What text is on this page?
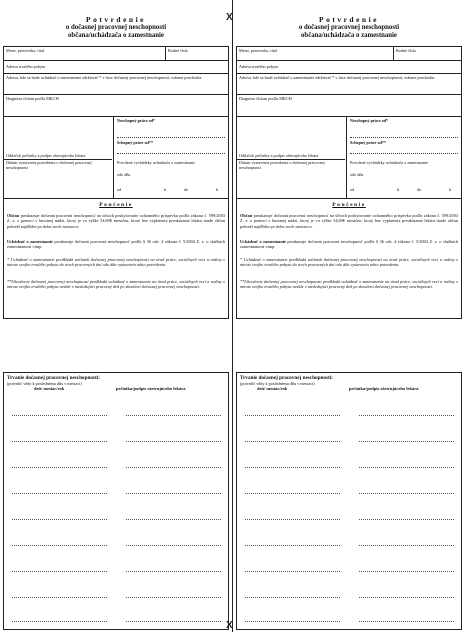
X
X
Potvrdenie
o dočasnej pracovnej neschopnosti
občana/uchádzača o zamestnanie
Meno, priezvisko, titul	Rodné číslo
Adresa trvalého pobytu
Adresa, kde sa bude uchádzač o zamestnanie zdržiavať * v čase dočasnej pracovnej neschopnosti, vrátane poschodia
Diagnóza číslom podľa MKCH
Neschopný práce od*
Schopný práce od**
Odtlačok pečiatky a podpis ošetrujúceho lekára
Dátum vystavenia potvrdenia o dočasnej pracovnej neschopnosti
Povolené vychádzky uchádzača o zamestnanie
odo dňa
od	h	do	h
Poučenie
Občan preukazuje dočasnú pracovnú neschopnosť na účtoch poskytovanie ochranného príspevku podľa zákona č. 599/2003 Z. z. o pomoci v hmotnej núdzi, ktorý je vo výške 34,69€ mesačne, ktorý bez vyplatenia preukázanie lekára úrade občan pobreží najdlhšie po dobu troch mesiacov.
Uchádzač o zamestnanie preukazuje dočasnú pracovnú neschopnosť podľa § 36 ods. 4 zákona č. 5/2004 Z. z. o službách zamestnanosti vtmp.
* Uchádzač o zamestnanie predkladá začiatok dočasnej pracovnej neschopnosti na úrad práce, sociálnych vecí a rodiny v mieste svojho trvalého pobytu do troch pracovných dní odo dňa vystavenia tohto potvrdenia.
**Ukončenie dočasnej pracovnej neschopnosti predkladá uchádzač o zamestnanie na úrad práce, sociálnych vecí a rodiny v mieste svojho trvalého pobytu neskôr v nasledujúci pracovný deň po skončení dočasnej pracovnej neschopnosti.
Trvanie dočasnej pracovnej neschopnosti:
(potvrdiť vždy k poslednému dňu v mesiaci)
deň/ mesiac/rok	pečiatka/podpis ošetrujúceho lekára
Potvrdenie
o dočasnej pracovnej neschopnosti
občana/uchádzača o zamestnanie
Meno, priezvisko, titul	Rodné číslo
Adresa trvalého pobytu
Adresa, kde sa bude uchádzač o zamestnanie zdržiavať * v čase dočasnej pracovnej neschopnosti, vrátane poschodia
Diagnóza číslom podľa MKCH
Neschopný práce od*
Schopný práce od**
Odtlačok pečiatky a podpis ošetrujúceho lekára
Dátum vystavenia potvrdenia o dočasnej pracovnej neschopnosti
Povolené vychádzky uchádzača o zamestnanie
odo dňa
od	h	do	h
Poučenie
Občan preukazuje dočasnú pracovnú neschopnosť na účtoch poskytovanie ochranného príspevku podľa zákona č. 599/2003 Z. z. o pomoci v hmotnej núdzi, ktorý je vo výške 34,69€ mesačne, ktorý bez vyplatenia preukázanie lekára úrade občan pobreží najdlhšie po dobu troch mesiacov.
Uchádzač o zamestnanie preukazuje dočasnú pracovnú neschopnosť podľa § 36 ods. 4 zákona č. 5/2004 Z. z. o službách zamestnanosti vtmp.
* Uchádzač o zamestnanie predkladá začiatok dočasnej pracovnej neschopnosti na úrad práce, sociálnych vecí a rodiny v mieste svojho trvalého pobytu do troch pracovných dní odo dňa vystavenia tohto potvrdenia.
**Ukončenie dočasnej pracovnej neschopnosti predkladá uchádzač o zamestnanie na úrad práce, sociálnych vecí a rodiny v mieste svojho trvalého pobytu neskôr v nasledujúci pracovný deň po skončení dočasnej pracovnej neschopnosti.
Trvanie dočasnej pracovnej neschopnosti:
(potvrdiť vždy k poslednému dňu v mesiaci)
deň/ mesiac/rok	pečiatka/podpis ošetrujúceho lekára
